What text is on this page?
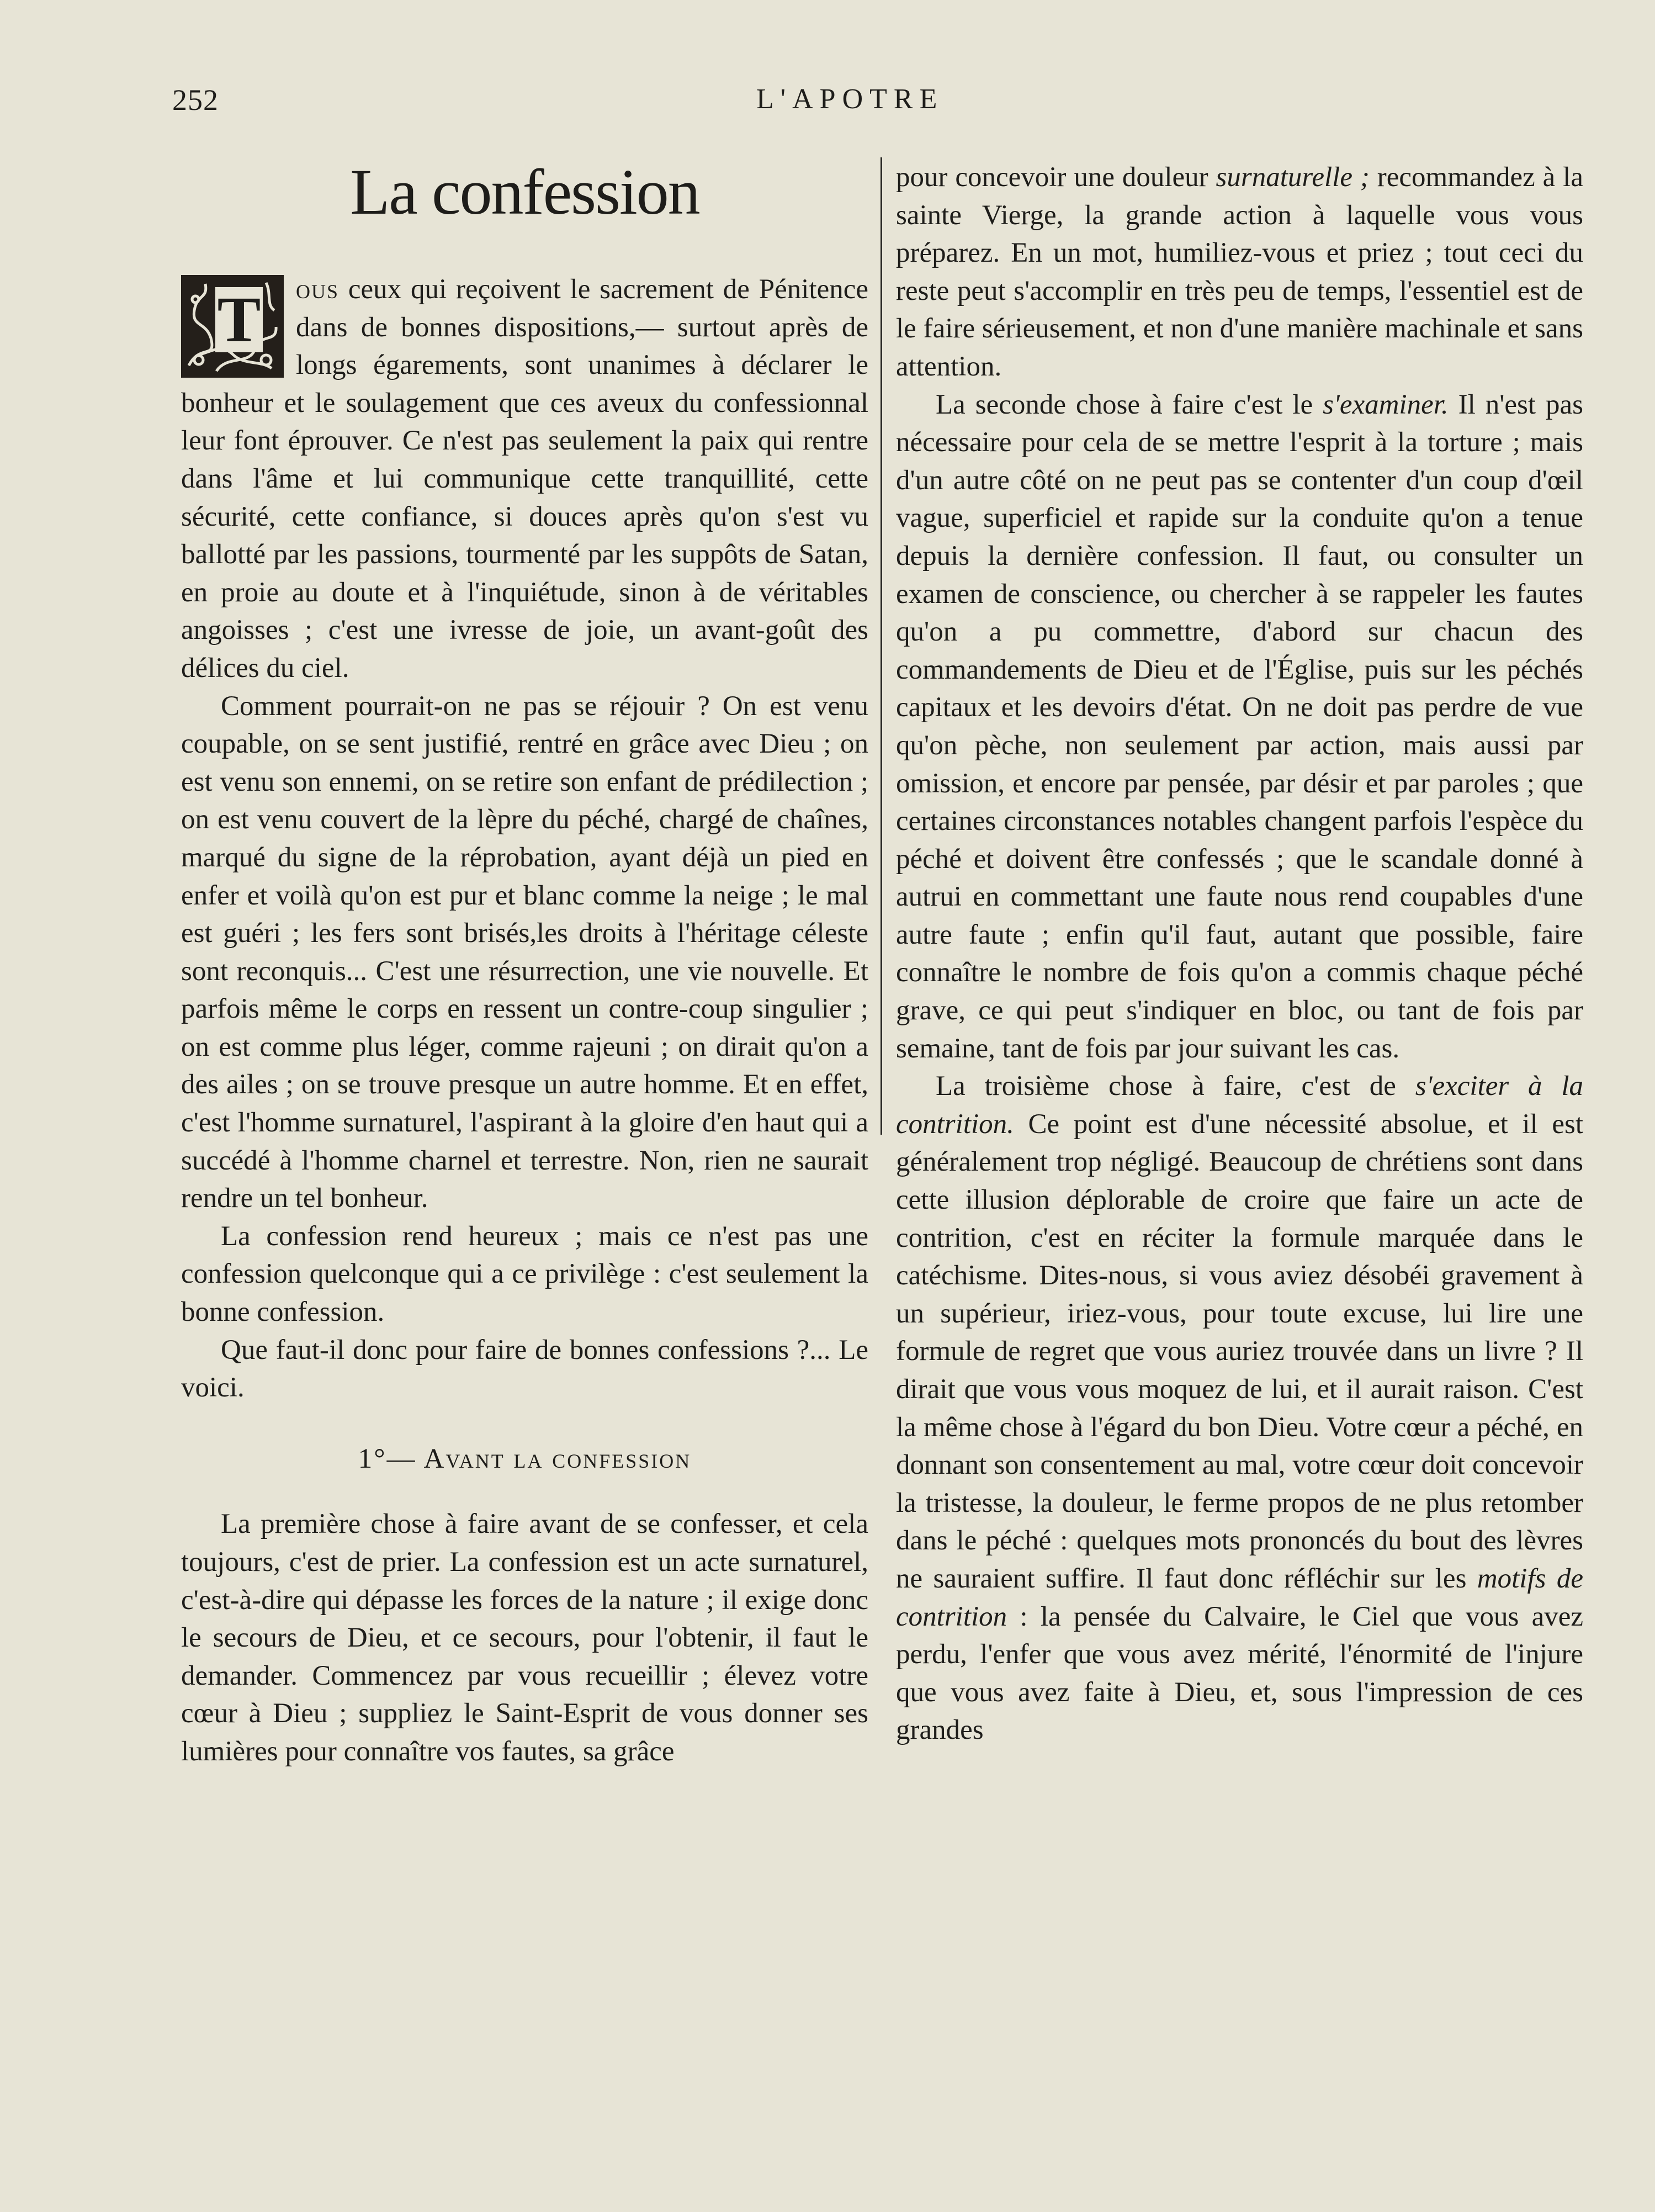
252	L'APOTRE
La confession

T ous ceux qui reçoivent le sacrement de Pénitence dans de bonnes dispositions,— surtout après de longs égarements, sont unanimes à déclarer le bonheur et le soulagement que ces aveux du confessionnal leur font éprouver. Ce n'est pas seulement la paix qui rentre dans l'âme et lui communique cette tranquillité, cette sécurité, cette confiance, si douces après qu'on s'est vu ballotté par les passions, tourmenté par les suppôts de Satan, en proie au doute et à l'inquiétude, sinon à de véritables angoisses ; c'est une ivresse de joie, un avant-goût des délices du ciel.

Comment pourrait-on ne pas se réjouir ? On est venu coupable, on se sent justifié, rentré en grâce avec Dieu ; on est venu son ennemi, on se retire son enfant de prédilection ; on est venu couvert de la lèpre du péché, chargé de chaînes, marqué du signe de la réprobation, ayant déjà un pied en enfer et voilà qu'on est pur et blanc comme la neige ; le mal est guéri ; les fers sont brisés,les droits à l'héritage céleste sont reconquis... C'est une résurrection, une vie nouvelle. Et parfois même le corps en ressent un contre-coup singulier ; on est comme plus léger, comme rajeuni ; on dirait qu'on a des ailes ; on se trouve presque un autre homme. Et en effet, c'est l'homme surnaturel, l'aspirant à la gloire d'en haut qui a succédé à l'homme charnel et terrestre. Non, rien ne saurait rendre un tel bonheur.

La confession rend heureux ; mais ce n'est pas une confession quelconque qui a ce privilège : c'est seulement la bonne confession.

Que faut-il donc pour faire de bonnes confessions ?... Le voici.

1°— Avant la confession

La première chose à faire avant de se confesser, et cela toujours, c'est de prier. La confession est un acte surnaturel, c'est-à-dire qui dépasse les forces de la nature ; il exige donc le secours de Dieu, et ce secours, pour l'obtenir, il faut le demander. Commencez par vous recueillir ; élevez votre cœur à Dieu ; suppliez le Saint-Esprit de vous donner ses lumières pour connaître vos fautes, sa grâce

pour concevoir une douleur surnaturelle ; recommandez à la sainte Vierge, la grande action à laquelle vous vous préparez. En un mot, humiliez-vous et priez ; tout ceci du reste peut s'accomplir en très peu de temps, l'essentiel est de le faire sérieusement, et non d'une manière machinale et sans attention.

La seconde chose à faire c'est le s'examiner. Il n'est pas nécessaire pour cela de se mettre l'esprit à la torture ; mais d'un autre côté on ne peut pas se contenter d'un coup d'œil vague, superficiel et rapide sur la conduite qu'on a tenue depuis la dernière confession. Il faut, ou consulter un examen de conscience, ou chercher à se rappeler les fautes qu'on a pu commettre, d'abord sur chacun des commandements de Dieu et de l'Église, puis sur les péchés capitaux et les devoirs d'état. On ne doit pas perdre de vue qu'on pèche, non seulement par action, mais aussi par omission, et encore par pensée, par désir et par paroles ; que certaines circonstances notables changent parfois l'espèce du péché et doivent être confessés ; que le scandale donné à autrui en commettant une faute nous rend coupables d'une autre faute ; enfin qu'il faut, autant que possible, faire connaître le nombre de fois qu'on a commis chaque péché grave, ce qui peut s'indiquer en bloc, ou tant de fois par semaine, tant de fois par jour suivant les cas.

La troisième chose à faire, c'est de s'exciter à la contrition. Ce point est d'une nécessité absolue, et il est généralement trop négligé. Beaucoup de chrétiens sont dans cette illusion déplorable de croire que faire un acte de contrition, c'est en réciter la formule marquée dans le catéchisme. Dites-nous, si vous aviez désobéi gravement à un supérieur, iriez-vous, pour toute excuse, lui lire une formule de regret que vous auriez trouvée dans un livre ? Il dirait que vous vous moquez de lui, et il aurait raison. C'est la même chose à l'égard du bon Dieu. Votre cœur a péché, en donnant son consentement au mal, votre cœur doit concevoir la tristesse, la douleur, le ferme propos de ne plus retomber dans le péché : quelques mots prononcés du bout des lèvres ne sauraient suffire. Il faut donc réfléchir sur les motifs de contrition : la pensée du Calvaire, le Ciel que vous avez perdu, l'enfer que vous avez mérité, l'énormité de l'injure que vous avez faite à Dieu, et, sous l'impression de ces grandes
